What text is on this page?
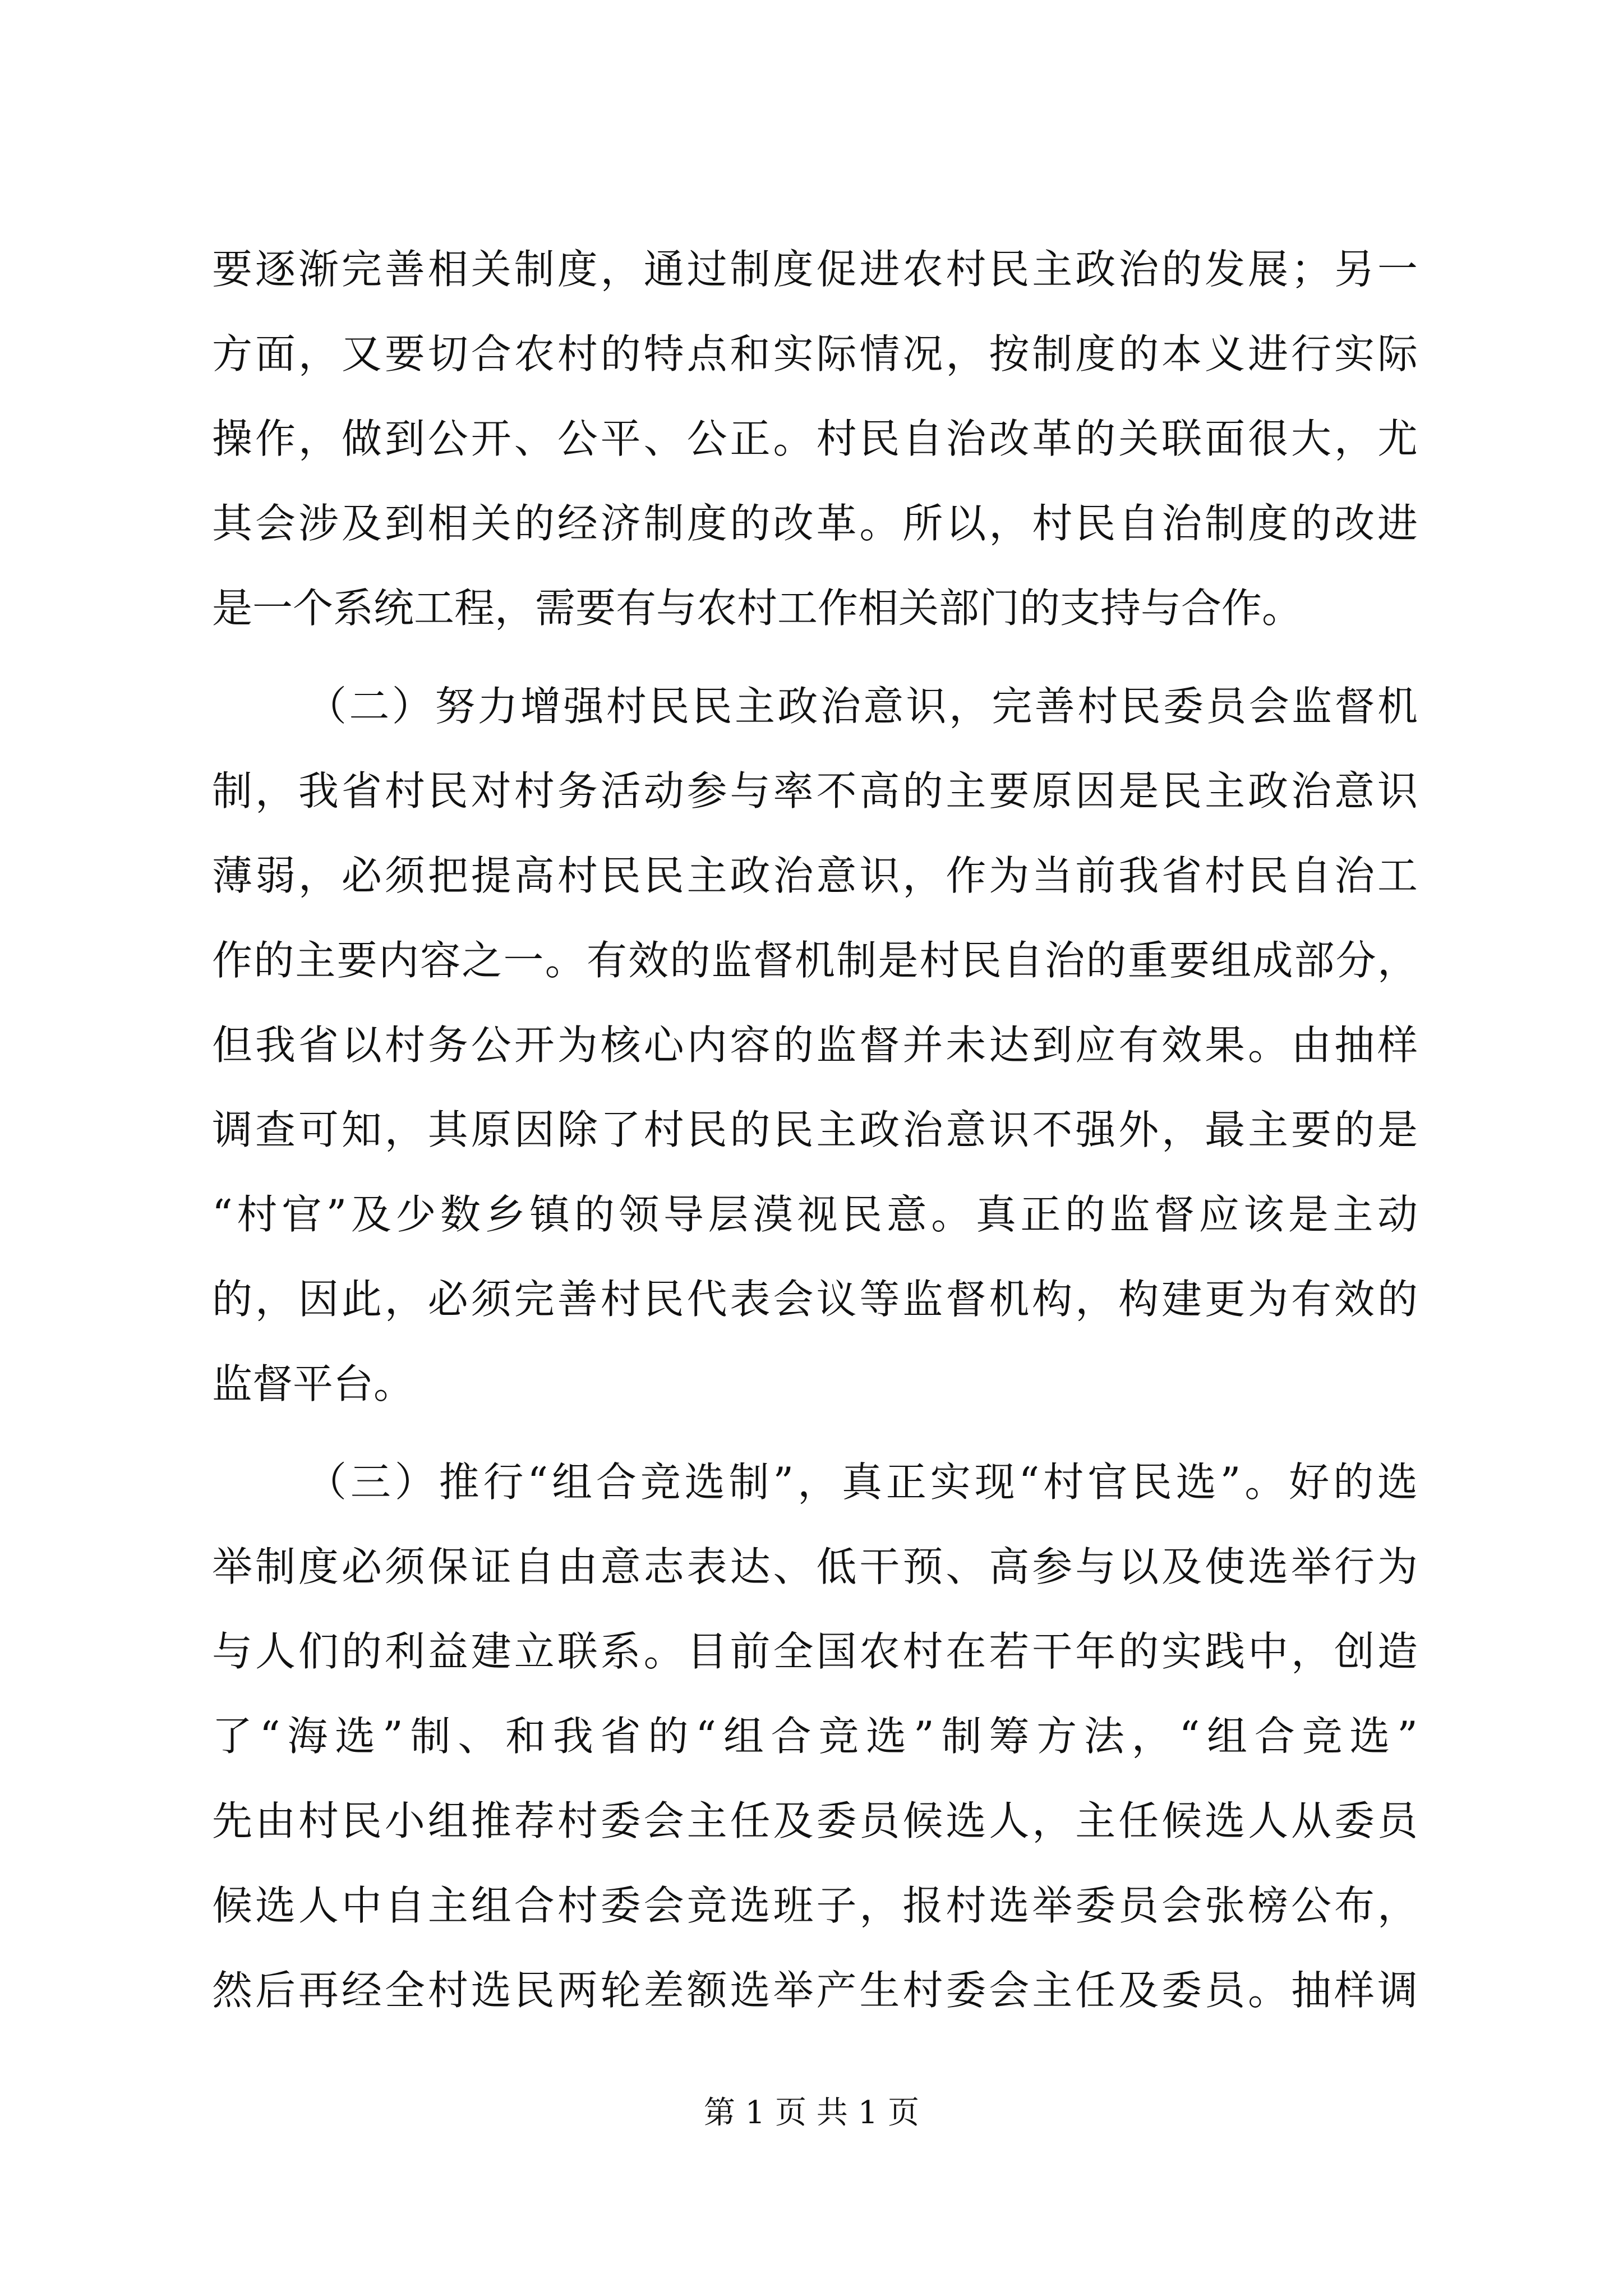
要逐渐完善相关制度，通过制度促进农村民主政治的发展；另一
方面，又要切合农村的特点和实际情况，按制度的本义进行实际
操作，做到公开、公平、公正。村民自治改革的关联面很大，尤
其会涉及到相关的经济制度的改革。所以，村民自治制度的改进
是一个系统工程，需要有与农村工作相关部门的支持与合作。
（二）努力增强村民民主政治意识，完善村民委员会监督机
制，我省村民对村务活动参与率不高的主要原因是民主政治意识
薄弱，必须把提高村民民主政治意识，作为当前我省村民自治工
作的主要内容之一。有效的监督机制是村民自治的重要组成部分，
但我省以村务公开为核心内容的监督并未达到应有效果。由抽样
调查可知，其原因除了村民的民主政治意识不强外，最主要的是
“村官”及少数乡镇的领导层漠视民意。真正的监督应该是主动
的，因此，必须完善村民代表会议等监督机构，构建更为有效的
监督平台。
（三）推行“组合竞选制”，真正实现“村官民选”。好的选
举制度必须保证自由意志表达、低干预、高参与以及使选举行为
与人们的利益建立联系。目前全国农村在若干年的实践中，创造
了“海选”制、和我省的“组合竞选”制筹方法，“组合竞选”
先由村民小组推荐村委会主任及委员候选人，主任候选人从委员
候选人中自主组合村委会竞选班子，报村选举委员会张榜公布，
然后再经全村选民两轮差额选举产生村委会主任及委员。抽样调
第 1 页 共 1 页
